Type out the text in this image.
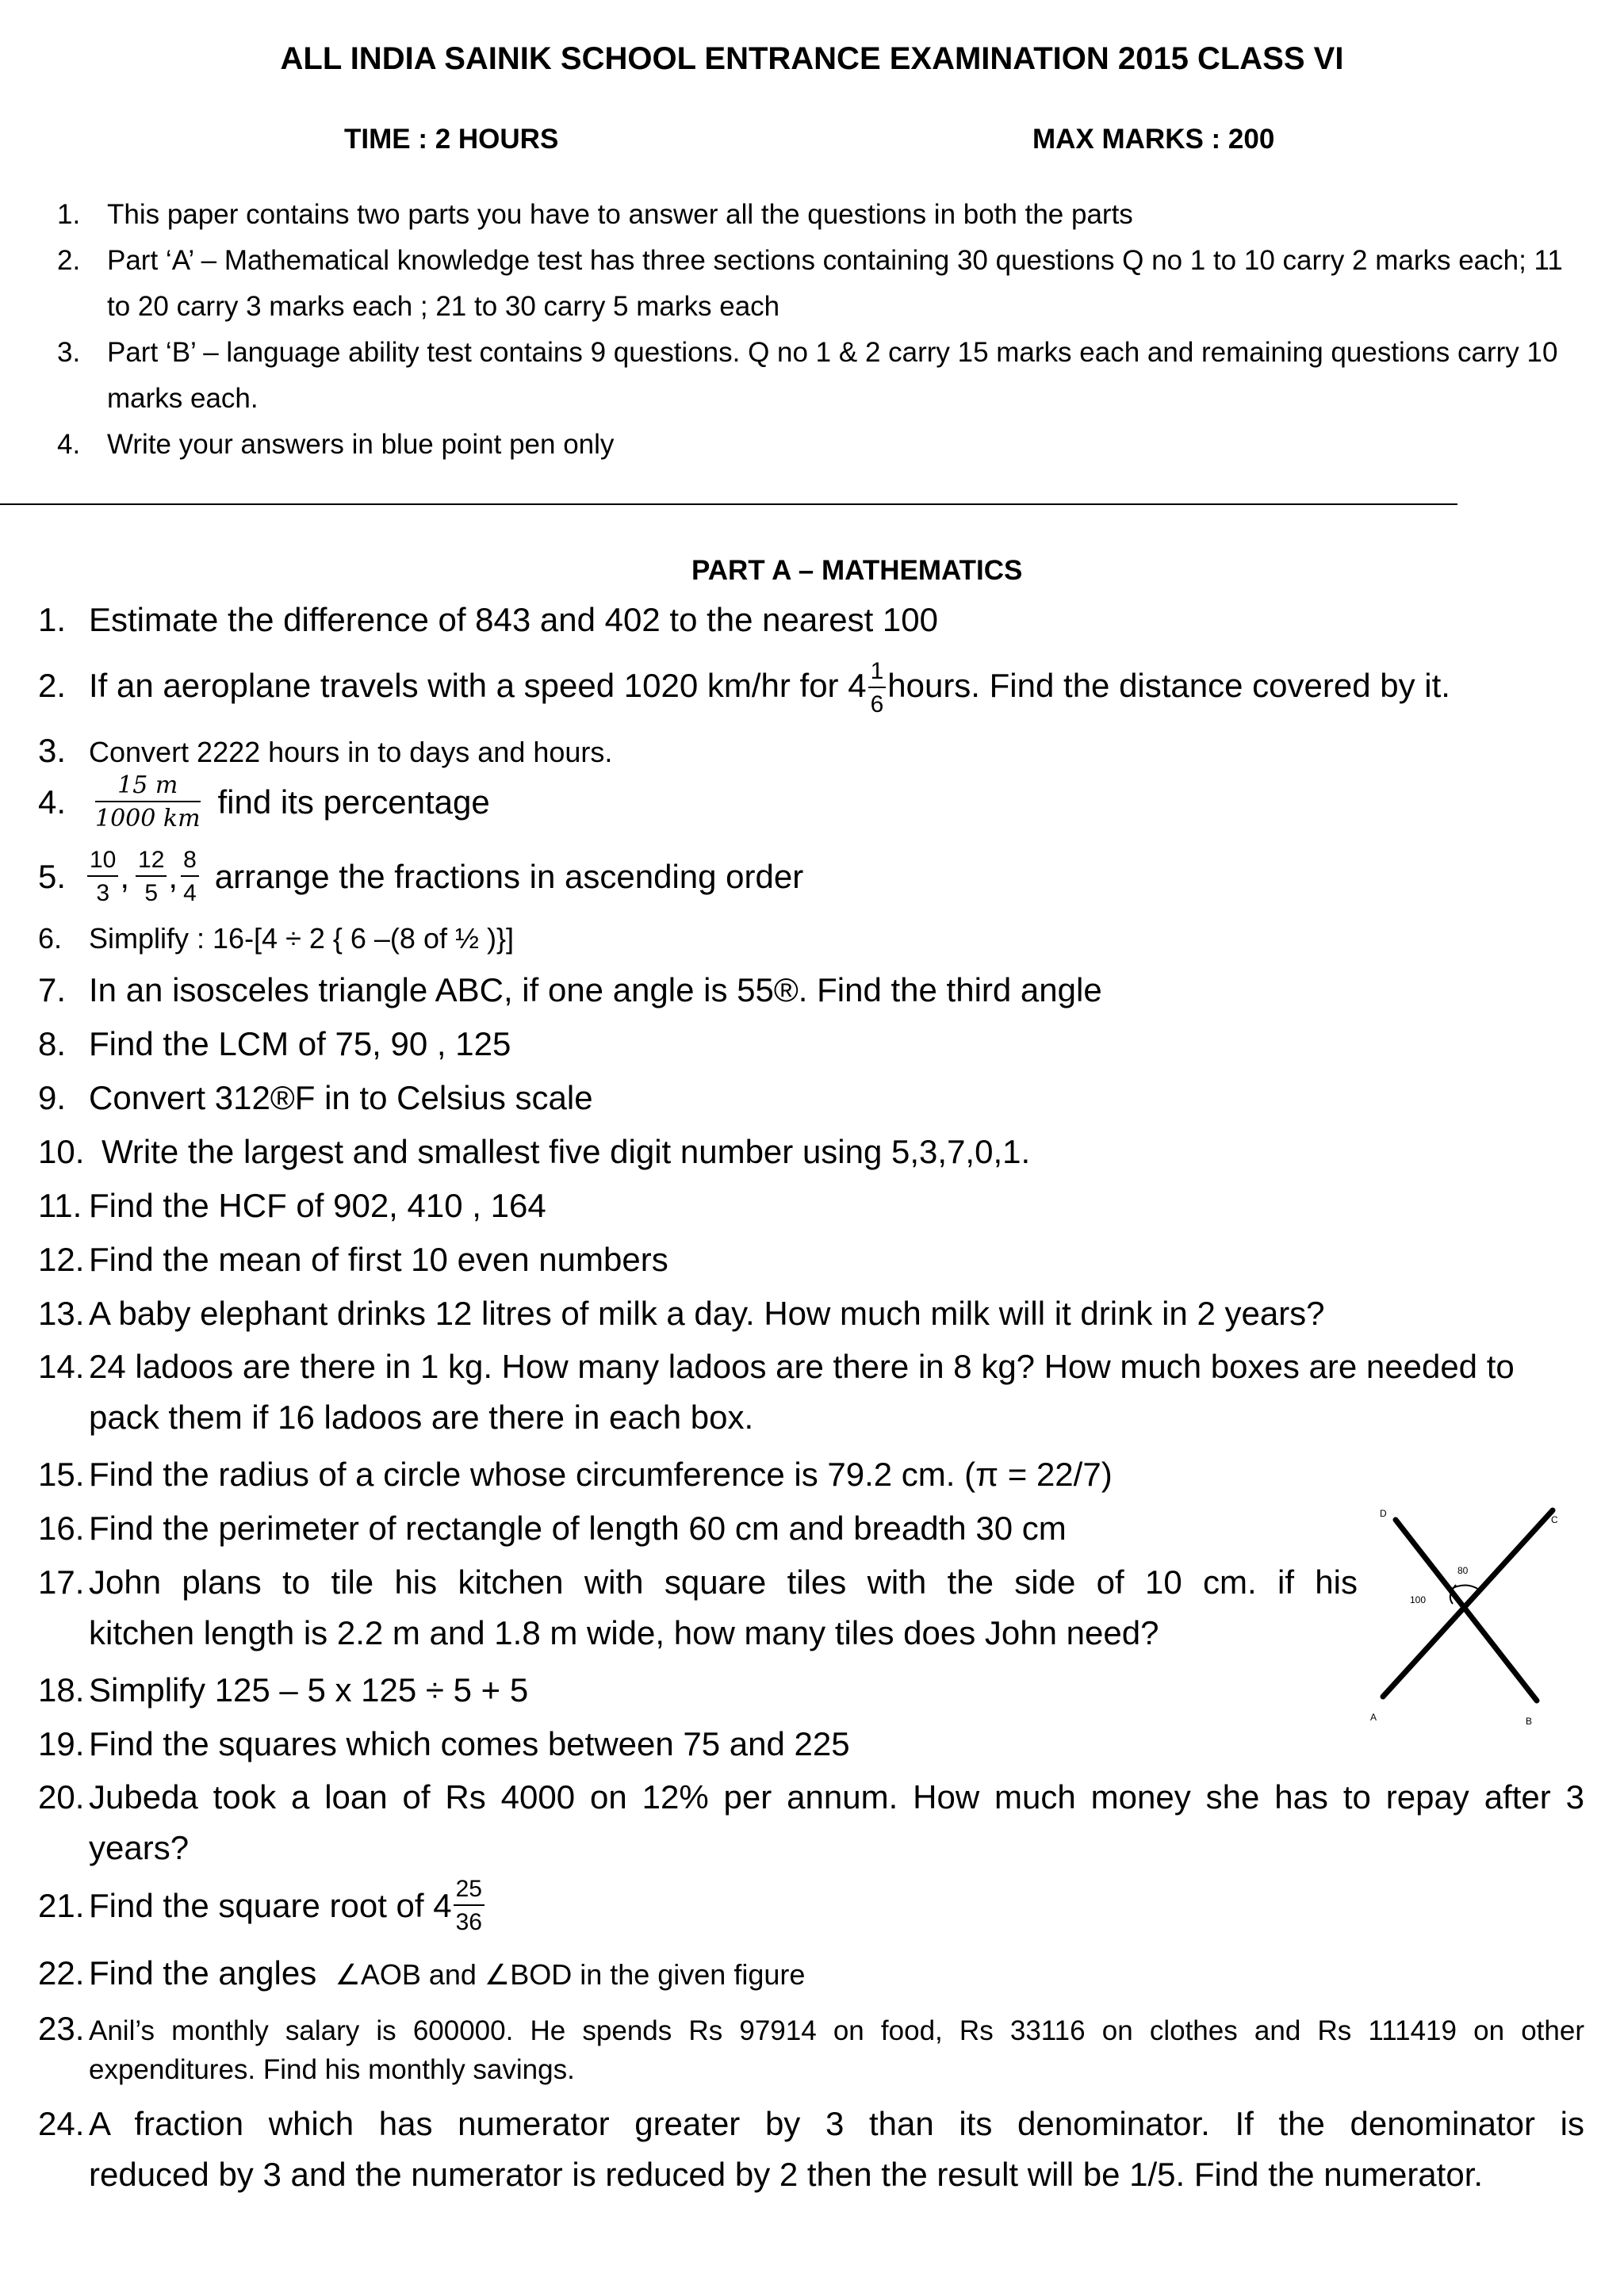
ALL INDIA SAINIK SCHOOL ENTRANCE EXAMINATION 2015 CLASS VI
TIME : 2 HOURS	MAX MARKS : 200
1. This paper contains two parts you have to answer all the questions in both the parts
2. Part ‘A’ – Mathematical knowledge test has three sections containing 30 questions Q no 1 to 10 carry 2 marks each; 11 to 20 carry 3 marks each ; 21 to 30 carry 5 marks each
3. Part ‘B’ – language ability test contains 9 questions. Q no 1 & 2 carry 15 marks each and remaining questions carry 10 marks each.
4. Write your answers in blue point pen only
PART A – MATHEMATICS
1. Estimate the difference of 843 and 402 to the nearest 100
2. If an aeroplane travels with a speed 1020 km/hr for $4 \frac{1}{6}$ hours. Find the distance covered by it.
3. Convert 2222 hours in to days and hours.
4. $\frac{15 m}{1000 km}$ find its percentage
5. $\frac{10}{3}$ , $\frac{12}{5}$ , $\frac{8}{4}$ arrange the fractions in ascending order
6. Simplify : 16-[4 ÷ 2 { 6 –(8 of ½ )}]
7. In an isosceles triangle ABC, if one angle is 55®. Find the third angle
8. Find the LCM of 75, 90 , 125
9. Convert 312®F in to Celsius scale
10. Write the largest and smallest five digit number using 5,3,7,0,1.
11. Find the HCF of 902, 410 , 164
12. Find the mean of first 10 even numbers
13. A baby elephant drinks 12 litres of milk a day. How much milk will it drink in 2 years?
14. 24 ladoos are there in 1 kg. How many ladoos are there in 8 kg? How much boxes are needed to
pack them if 16 ladoos are there in each box.
15. Find the radius of a circle whose circumference is 79.2 cm. (π = 22/7)
16. Find the perimeter of rectangle of length 60 cm and breadth 30 cm
17. John plans to tile his kitchen with square tiles with the side of 10 cm. if his
kitchen length is 2.2 m and 1.8 m wide, how many tiles does John need?
18. Simplify 125 – 5 x 125 ÷ 5 + 5
19. Find the squares which comes between 75 and 225
20. Jubeda took a loan of Rs 4000 on 12% per annum. How much money she has to repay after 3
years?
21. Find the square root of $4 \frac{25}{36}$
22. Find the angles ∠AOB and ∠BOD in the given figure
23. Anil’s monthly salary is 600000. He spends Rs 97914 on food, Rs 33116 on clothes and Rs 111419 on other
expenditures. Find his monthly savings.
24. A fraction which has numerator greater by 3 than its denominator. If the denominator is
reduced by 3 and the numerator is reduced by 2 then the result will be 1/5. Find the numerator.
D
C
A	B
80
100
